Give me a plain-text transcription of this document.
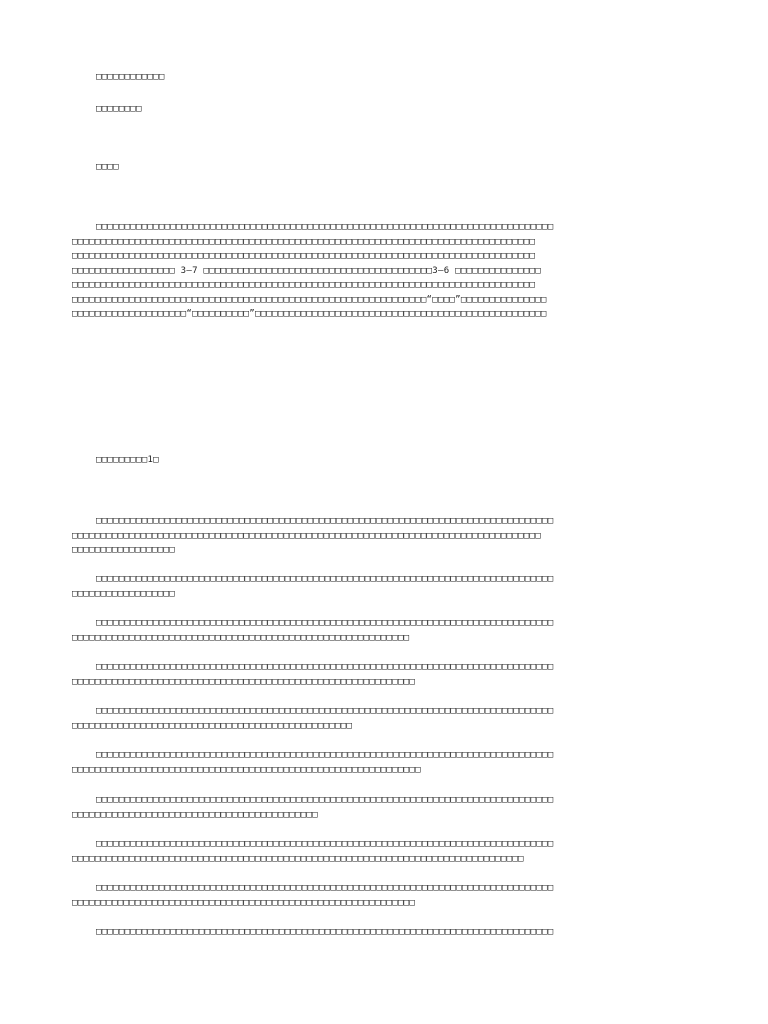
□□□□□□□□□□□□
□□□□□□□□
□□□□
□□□□□□□□□□□□□□□□□□□□□□□□□□□□□□□□□□□□□□□□□□□□□□□□□□□□□□□□□□□□□□□□□□□□□□□□□□□□□□□□
□□□□□□□□□□□□□□□□□□□□□□□□□□□□□□□□□□□□□□□□□□□□□□□□□□□□□□□□□□□□□□□□□□□□□□□□□□□□□□□□□
□□□□□□□□□□□□□□□□□□□□□□□□□□□□□□□□□□□□□□□□□□□□□□□□□□□□□□□□□□□□□□□□□□□□□□□□□□□□□□□□□
□□□□□□□□□□□□□□□□□□ 3—7 □□□□□□□□□□□□□□□□□□□□□□□□□□□□□□□□□□□□□□□□3—6 □□□□□□□□□□□□□□□
□□□□□□□□□□□□□□□□□□□□□□□□□□□□□□□□□□□□□□□□□□□□□□□□□□□□□□□□□□□□□□□□□□□□□□□□□□□□□□□□□
□□□□□□□□□□□□□□□□□□□□□□□□□□□□□□□□□□□□□□□□□□□□□□□□□□□□□□□□□□□□□□“□□□□”□□□□□□□□□□□□□□□
□□□□□□□□□□□□□□□□□□□□“□□□□□□□□□□”□□□□□□□□□□□□□□□□□□□□□□□□□□□□□□□□□□□□□□□□□□□□□□□□□□□
□□□□□□□□□1□
□□□□□□□□□□□□□□□□□□□□□□□□□□□□□□□□□□□□□□□□□□□□□□□□□□□□□□□□□□□□□□□□□□□□□□□□□□□□□□□□
□□□□□□□□□□□□□□□□□□□□□□□□□□□□□□□□□□□□□□□□□□□□□□□□□□□□□□□□□□□□□□□□□□□□□□□□□□□□□□□□□□
□□□□□□□□□□□□□□□□□□
□□□□□□□□□□□□□□□□□□□□□□□□□□□□□□□□□□□□□□□□□□□□□□□□□□□□□□□□□□□□□□□□□□□□□□□□□□□□□□□□
□□□□□□□□□□□□□□□□□□
□□□□□□□□□□□□□□□□□□□□□□□□□□□□□□□□□□□□□□□□□□□□□□□□□□□□□□□□□□□□□□□□□□□□□□□□□□□□□□□□
□□□□□□□□□□□□□□□□□□□□□□□□□□□□□□□□□□□□□□□□□□□□□□□□□□□□□□□□□□□
□□□□□□□□□□□□□□□□□□□□□□□□□□□□□□□□□□□□□□□□□□□□□□□□□□□□□□□□□□□□□□□□□□□□□□□□□□□□□□□□
□□□□□□□□□□□□□□□□□□□□□□□□□□□□□□□□□□□□□□□□□□□□□□□□□□□□□□□□□□□□
□□□□□□□□□□□□□□□□□□□□□□□□□□□□□□□□□□□□□□□□□□□□□□□□□□□□□□□□□□□□□□□□□□□□□□□□□□□□□□□□
□□□□□□□□□□□□□□□□□□□□□□□□□□□□□□□□□□□□□□□□□□□□□□□□□
□□□□□□□□□□□□□□□□□□□□□□□□□□□□□□□□□□□□□□□□□□□□□□□□□□□□□□□□□□□□□□□□□□□□□□□□□□□□□□□□
□□□□□□□□□□□□□□□□□□□□□□□□□□□□□□□□□□□□□□□□□□□□□□□□□□□□□□□□□□□□□
□□□□□□□□□□□□□□□□□□□□□□□□□□□□□□□□□□□□□□□□□□□□□□□□□□□□□□□□□□□□□□□□□□□□□□□□□□□□□□□□
□□□□□□□□□□□□□□□□□□□□□□□□□□□□□□□□□□□□□□□□□□□
□□□□□□□□□□□□□□□□□□□□□□□□□□□□□□□□□□□□□□□□□□□□□□□□□□□□□□□□□□□□□□□□□□□□□□□□□□□□□□□□
□□□□□□□□□□□□□□□□□□□□□□□□□□□□□□□□□□□□□□□□□□□□□□□□□□□□□□□□□□□□□□□□□□□□□□□□□□□□□□□
□□□□□□□□□□□□□□□□□□□□□□□□□□□□□□□□□□□□□□□□□□□□□□□□□□□□□□□□□□□□□□□□□□□□□□□□□□□□□□□□
□□□□□□□□□□□□□□□□□□□□□□□□□□□□□□□□□□□□□□□□□□□□□□□□□□□□□□□□□□□□
□□□□□□□□□□□□□□□□□□□□□□□□□□□□□□□□□□□□□□□□□□□□□□□□□□□□□□□□□□□□□□□□□□□□□□□□□□□□□□□□
